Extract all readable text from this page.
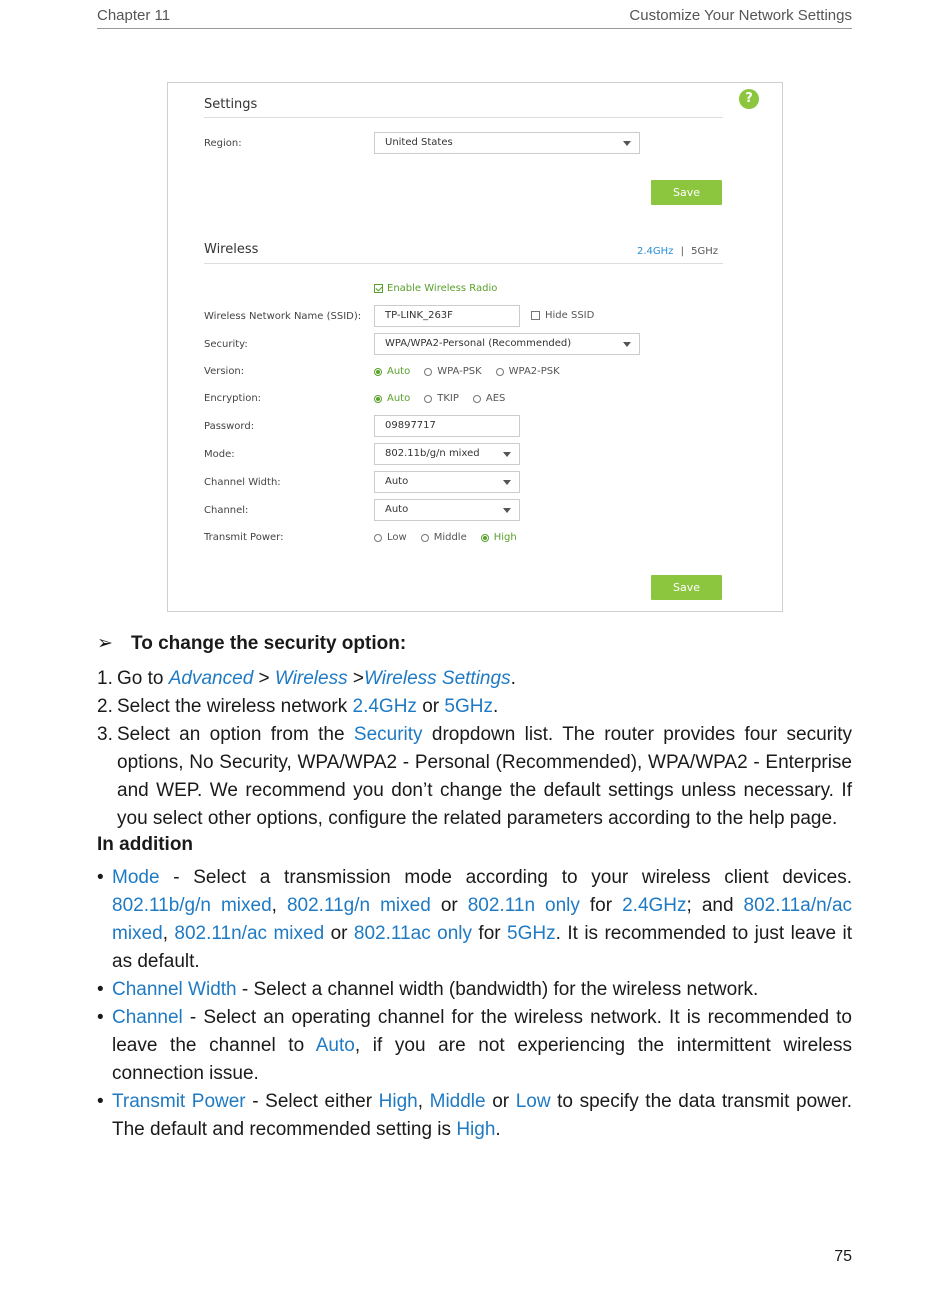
Chapter 11	Customize Your Network Settings
?
Settings
Region:	United States
Save
Wireless	2.4GHz | 5GHz
Enable Wireless Radio
Wireless Network Name (SSID):	TP-LINK_263F	Hide SSID
Security:	WPA/WPA2-Personal (Recommended)
Version:	Auto	WPA-PSK	WPA2-PSK
Encryption:	Auto	TKIP	AES
Password:	09897717
Mode:	802.11b/g/n mixed
Channel Width:	Auto
Channel:	Auto
Transmit Power:	Low	Middle	High
Save

➢ To change the security option:

1. Go to Advanced > Wireless >Wireless Settings.

2. Select the wireless network 2.4GHz or 5GHz.

3. Select an option from the Security dropdown list. The router provides four security options, No Security, WPA/WPA2 - Personal (Recommended), WPA/WPA2 - Enterprise and WEP. We recommend you don’t change the default settings unless necessary. If you select other options, configure the related parameters according to the help page.

In addition

• Mode - Select a transmission mode according to your wireless client devices. 802.11b/g/n mixed, 802.11g/n mixed or 802.11n only for 2.4GHz; and 802.11a/n/ac mixed, 802.11n/ac mixed or 802.11ac only for 5GHz. It is recommended to just leave it as default.

• Channel Width - Select a channel width (bandwidth) for the wireless network.

• Channel - Select an operating channel for the wireless network. It is recommended to leave the channel to Auto, if you are not experiencing the intermittent wireless connection issue.

• Transmit Power - Select either High, Middle or Low to specify the data transmit power. The default and recommended setting is High.

75
